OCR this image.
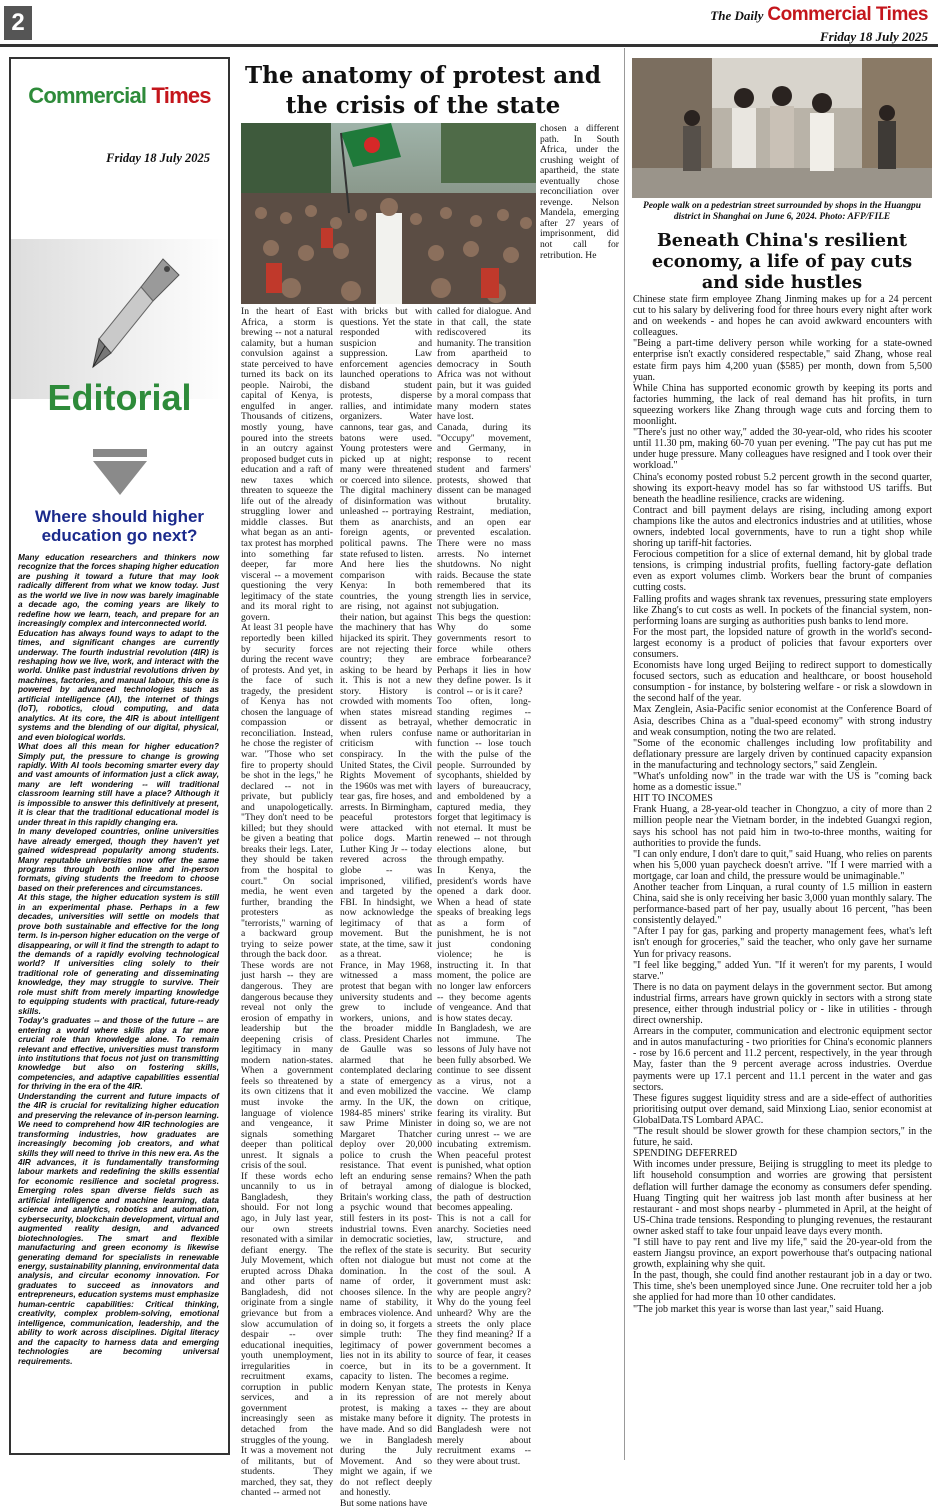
2	The Daily Commercial Times
Friday 18 July 2025
Commercial Times
Friday 18 July 2025
Editorial
Where should higher education go next?

Many education researchers and thinkers now recognize that the forces shaping higher education are pushing it toward a future that may look radically different from what we know today. Just as the world we live in now was barely imaginable a decade ago, the coming years are likely to redefine how we learn, teach, and prepare for an increasingly complex and interconnected world.

Education has always found ways to adapt to the times, and significant changes are currently underway. The fourth industrial revolution (4IR) is reshaping how we live, work, and interact with the world. Unlike past industrial revolutions driven by machines, factories, and manual labour, this one is powered by advanced technologies such as artificial intelligence (AI), the internet of things (IoT), robotics, cloud computing, and data analytics. At its core, the 4IR is about intelligent systems and the blending of our digital, physical, and even biological worlds.

What does all this mean for higher education? Simply put, the pressure to change is growing rapidly. With AI tools becoming smarter every day and vast amounts of information just a click away, many are left wondering -- will traditional classroom learning still have a place? Although it is impossible to answer this definitively at present, it is clear that the traditional educational model is under threat in this rapidly changing era.

In many developed countries, online universities have already emerged, though they haven't yet gained widespread popularity among students. Many reputable universities now offer the same programs through both online and in-person formats, giving students the freedom to choose based on their preferences and circumstances.

At this stage, the higher education system is still in an experimental phase. Perhaps in a few decades, universities will settle on models that prove both sustainable and effective for the long term. Is in-person higher education on the verge of disappearing, or will it find the strength to adapt to the demands of a rapidly evolving technological world? If universities cling solely to their traditional role of generating and disseminating knowledge, they may struggle to survive. Their role must shift from merely imparting knowledge to equipping students with practical, future-ready skills.

Today's graduates -- and those of the future -- are entering a world where skills play a far more crucial role than knowledge alone. To remain relevant and effective, universities must transform into institutions that focus not just on transmitting knowledge but also on fostering skills, competencies, and adaptive capabilities essential for thriving in the era of the 4IR.

Understanding the current and future impacts of the 4IR is crucial for revitalizing higher education and preserving the relevance of in-person learning. We need to comprehend how 4IR technologies are transforming industries, how graduates are increasingly becoming job creators, and what skills they will need to thrive in this new era. As the 4IR advances, it is fundamentally transforming labour markets and redefining the skills essential for economic resilience and societal progress. Emerging roles span diverse fields such as artificial intelligence and machine learning, data science and analytics, robotics and automation, cybersecurity, blockchain development, virtual and augmented reality design, and advanced biotechnologies. The smart and flexible manufacturing and green economy is likewise generating demand for specialists in renewable energy, sustainability planning, environmental data analysis, and circular economy innovation. For graduates to succeed as innovators and entrepreneurs, education systems must emphasize human-centric capabilities: Critical thinking, creativity, complex problem-solving, emotional intelligence, communication, leadership, and the ability to work across disciplines. Digital literacy and the capacity to harness data and emerging technologies are becoming universal requirements.

The anatomy of protest and the crisis of the state

In the heart of East Africa, a storm is brewing -- not a natural calamity, but a human convulsion against a state perceived to have turned its back on its people. Nairobi, the capital of Kenya, is engulfed in anger. Thousands of citizens, mostly young, have poured into the streets in an outcry against proposed budget cuts in education and a raft of new taxes which threaten to squeeze the life out of the already struggling lower and middle classes. But what began as an anti-tax protest has morphed into something far deeper, far more visceral -- a movement questioning the very legitimacy of the state and its moral right to govern.

At least 31 people have reportedly been killed by security forces during the recent wave of protests. And yet, in the face of such tragedy, the president of Kenya has not chosen the language of compassion or reconciliation. Instead, he chose the register of war. "Those who set fire to property should be shot in the legs," he declared -- not in private, but publicly and unapologetically. "They don't need to be killed; but they should be given a beating that breaks their legs. Later, they should be taken from the hospital to court." On social media, he went even further, branding the protesters as "terrorists," warning of a backward group trying to seize power through the back door.

These words are not just harsh -- they are dangerous. They are dangerous because they reveal not only the erosion of empathy in leadership but the deepening crisis of legitimacy in many modern nation-states. When a government feels so threatened by its own citizens that it must invoke the language of violence and vengeance, it signals something deeper than political unrest. It signals a crisis of the soul.

If these words echo uncannily to us in Bangladesh, they should. For not long ago, in July last year, our own streets resonated with a similar defiant energy. The July Movement, which erupted across Dhaka and other parts of Bangladesh, did not originate from a single grievance but from a slow accumulation of despair -- over educational inequities, youth unemployment, irregularities in recruitment exams, corruption in public services, and a government increasingly seen as detached from the struggles of the young.

It was a movement not of militants, but of students. They marched, they sat, they chanted -- armed not

with bricks but with questions. Yet the state responded with suspicion and suppression. Law enforcement agencies launched operations to disband student protests, disperse rallies, and intimidate organizers. Water cannons, tear gas, and batons were used. Young protesters were picked up at night; many were threatened or coerced into silence. The digital machinery of disinformation was unleashed -- portraying them as anarchists, foreign agents, or political pawns. The state refused to listen.

And here lies the comparison with Kenya: In both countries, the young are rising, not against their nation, but against the machinery that has hijacked its spirit. They are not rejecting their country; they are asking to be heard by it. This is not a new story. History is crowded with moments when states misread dissent as betrayal, when rulers confuse criticism with conspiracy. In the United States, the Civil Rights Movement of the 1960s was met with tear gas, fire hoses, and arrests. In Birmingham, peaceful protestors were attacked with police dogs. Martin Luther King Jr -- today revered across the globe -- was imprisoned, vilified, and targeted by the FBI. In hindsight, we now acknowledge the legitimacy of that movement. But the state, at the time, saw it as a threat.

France, in May 1968, witnessed a mass protest that began with university students and grew to include workers, unions, and the broader middle class. President Charles de Gaulle was so alarmed that he contemplated declaring a state of emergency and even mobilized the army. In the UK, the 1984-85 miners' strike saw Prime Minister Margaret Thatcher deploy over 20,000 police to crush the resistance. That event left an enduring sense of betrayal among Britain's working class, a psychic wound that still festers in its post-industrial towns. Even in democratic societies, the reflex of the state is often not dialogue but domination. In the name of order, it chooses silence. In the name of stability, it embraces violence. And in doing so, it forgets a simple truth: The legitimacy of power lies not in its ability to coerce, but in its capacity to listen. The modern Kenyan state, in its repression of protest, is making a mistake many before it have made. And so did we in Bangladesh during the July Movement. And so might we again, if we do not reflect deeply and honestly.

But some nations have

called for dialogue. And in that call, the state rediscovered its humanity. The transition from apartheid to democracy in South Africa was not without pain, but it was guided by a moral compass that many modern states have lost.

Canada, during its "Occupy" movement, and Germany, in response to recent student and farmers' protests, showed that dissent can be managed without brutality. Restraint, mediation, and an open ear prevented escalation. There were no mass arrests. No internet shutdowns. No night raids. Because the state remembered that its strength lies in service, not subjugation.

This begs the question: Why do some governments resort to force while others embrace forbearance? Perhaps it lies in how they define power. Is it control -- or is it care?

Too often, long-standing regimes -- whether democratic in name or authoritarian in function -- lose touch with the pulse of the people. Surrounded by sycophants, shielded by layers of bureaucracy, and emboldened by a captured media, they forget that legitimacy is not eternal. It must be renewed -- not through elections alone, but through empathy.

In Kenya, the president's words have opened a dark door. When a head of state speaks of breaking legs as a form of punishment, he is not just condoning violence; he is instructing it. In that moment, the police are no longer law enforcers -- they become agents of vengeance. And that is how states decay.

In Bangladesh, we are not immune. The lessons of July have not been fully absorbed. We continue to see dissent as a virus, not a vaccine. We clamp down on critique, fearing its virality. But in doing so, we are not curing unrest -- we are incubating extremism. When peaceful protest is punished, what option remains? When the path of dialogue is blocked, the path of destruction becomes appealing.

This is not a call for anarchy. Societies need law, structure, and security. But security must not come at the cost of the soul. A government must ask: why are people angry? Why do the young feel unheard? Why are the streets the only place they find meaning? If a government becomes a source of fear, it ceases to be a government. It becomes a regime.

The protests in Kenya are not merely about taxes -- they are about dignity. The protests in Bangladesh were not merely about recruitment exams -- they were about trust.

chosen a different path. In South Africa, under the crushing weight of apartheid, the state eventually chose reconciliation over revenge. Nelson Mandela, emerging after 27 years of imprisonment, did not call for retribution. He

People walk on a pedestrian street surrounded by shops in the Huangpu district in Shanghai on June 6, 2024. Photo: AFP/FILE
Beneath China's resilient economy, a life of pay cuts and side hustles

Chinese state firm employee Zhang Jinming makes up for a 24 percent cut to his salary by delivering food for three hours every night after work and on weekends - and hopes he can avoid awkward encounters with colleagues.

"Being a part-time delivery person while working for a state-owned enterprise isn't exactly considered respectable," said Zhang, whose real estate firm pays him 4,200 yuan ($585) per month, down from 5,500 yuan.

While China has supported economic growth by keeping its ports and factories humming, the lack of real demand has hit profits, in turn squeezing workers like Zhang through wage cuts and forcing them to moonlight.

"There's just no other way," added the 30-year-old, who rides his scooter until 11.30 pm, making 60-70 yuan per evening. "The pay cut has put me under huge pressure. Many colleagues have resigned and I took over their workload."

China's economy posted robust 5.2 percent growth in the second quarter, showing its export-heavy model has so far withstood US tariffs. But beneath the headline resilience, cracks are widening.

Contract and bill payment delays are rising, including among export champions like the autos and electronics industries and at utilities, whose owners, indebted local governments, have to run a tight shop while shoring up tariff-hit factories.

Ferocious competition for a slice of external demand, hit by global trade tensions, is crimping industrial profits, fuelling factory-gate deflation even as export volumes climb. Workers bear the brunt of companies cutting costs.

Falling profits and wages shrank tax revenues, pressuring state employers like Zhang's to cut costs as well. In pockets of the financial system, non-performing loans are surging as authorities push banks to lend more.

For the most part, the lopsided nature of growth in the world's second-largest economy is a product of policies that favour exporters over consumers.

Economists have long urged Beijing to redirect support to domestically focused sectors, such as education and healthcare, or boost household consumption - for instance, by bolstering welfare - or risk a slowdown in the second half of the year.

Max Zenglein, Asia-Pacific senior economist at the Conference Board of Asia, describes China as a "dual-speed economy" with strong industry and weak consumption, noting the two are related.

"Some of the economic challenges including low profitability and deflationary pressure are largely driven by continued capacity expansion in the manufacturing and technology sectors," said Zenglein.

"What's unfolding now" in the trade war with the US is "coming back home as a domestic issue."

HIT TO INCOMES

Frank Huang, a 28-year-old teacher in Chongzuo, a city of more than 2 million people near the Vietnam border, in the indebted Guangxi region, says his school has not paid him in two-to-three months, waiting for authorities to provide the funds.

"I can only endure, I don't dare to quit," said Huang, who relies on parents when his 5,000 yuan paycheck doesn't arrive. "If I were married with a mortgage, car loan and child, the pressure would be unimaginable."

Another teacher from Linquan, a rural county of 1.5 million in eastern China, said she is only receiving her basic 3,000 yuan monthly salary. The performance-based part of her pay, usually about 16 percent, "has been consistently delayed."

"After I pay for gas, parking and property management fees, what's left isn't enough for groceries," said the teacher, who only gave her surname Yun for privacy reasons.

"I feel like begging," added Yun. "If it weren't for my parents, I would starve."

There is no data on payment delays in the government sector. But among industrial firms, arrears have grown quickly in sectors with a strong state presence, either through industrial policy or - like in utilities - through direct ownership.

Arrears in the computer, communication and electronic equipment sector and in autos manufacturing - two priorities for China's economic planners - rose by 16.6 percent and 11.2 percent, respectively, in the year through May, faster than the 9 percent average across industries. Overdue payments were up 17.1 percent and 11.1 percent in the water and gas sectors.

These figures suggest liquidity stress and are a side-effect of authorities prioritising output over demand, said Minxiong Liao, senior economist at GlobalData.TS Lombard APAC.

"The result should be slower growth for these champion sectors," in the future, he said.

SPENDING DEFERRED

With incomes under pressure, Beijing is struggling to meet its pledge to lift household consumption and worries are growing that persistent deflation will further damage the economy as consumers defer spending. Huang Tingting quit her waitress job last month after business at her restaurant - and most shops nearby - plummeted in April, at the height of US-China trade tensions. Responding to plunging revenues, the restaurant owner asked staff to take four unpaid leave days every month.

"I still have to pay rent and live my life," said the 20-year-old from the eastern Jiangsu province, an export powerhouse that's outpacing national growth, explaining why she quit.

In the past, though, she could find another restaurant job in a day or two. This time, she's been unemployed since June. One recruiter told her a job she applied for had more than 10 other candidates.

"The job market this year is worse than last year," said Huang.
